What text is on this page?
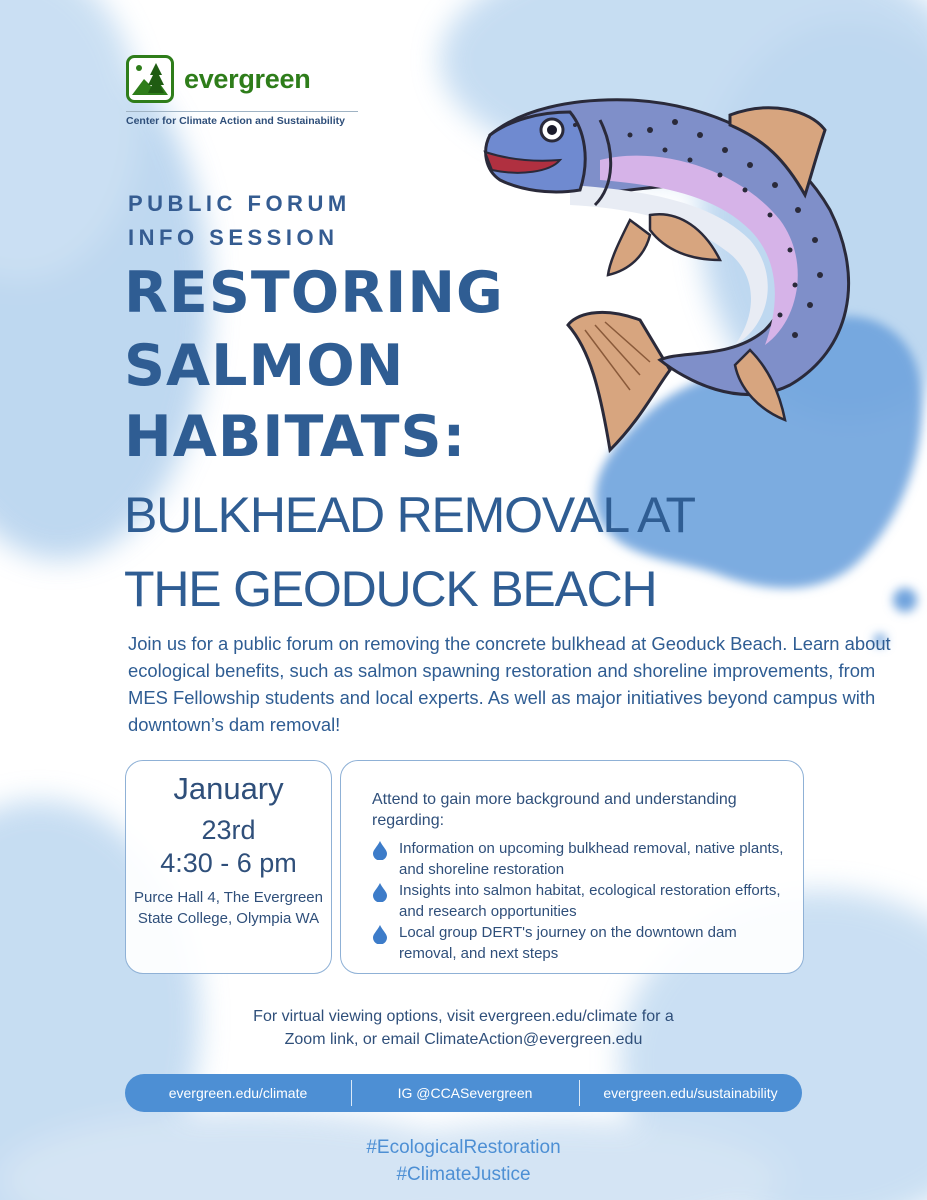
evergreen
Center for Climate Action and Sustainability
PUBLIC FORUM
INFO SESSION
RESTORING
SALMON
HABITATS:
BULKHEAD REMOVAL AT
THE GEODUCK BEACH
Join us for a public forum on removing the concrete bulkhead at Geoduck Beach. Learn about ecological benefits, such as salmon spawning restoration and shoreline improvements, from MES Fellowship students and local experts. As well as major initiatives beyond campus with downtown’s dam removal!
January
23rd
4:30 - 6 pm
Purce Hall 4, The Evergreen State College, Olympia WA
Attend to gain more background and understanding regarding:
Information on upcoming bulkhead removal, native plants, and shoreline restoration
Insights into salmon habitat, ecological restoration efforts, and research opportunities
Local group DERT's journey on the downtown dam removal, and next steps
For virtual viewing options, visit evergreen.edu/climate for a
Zoom link, or email ClimateAction@evergreen.edu
evergreen.edu/climate	IG @CCASevergreen	evergreen.edu/sustainability
#EcologicalRestoration
#ClimateJustice
